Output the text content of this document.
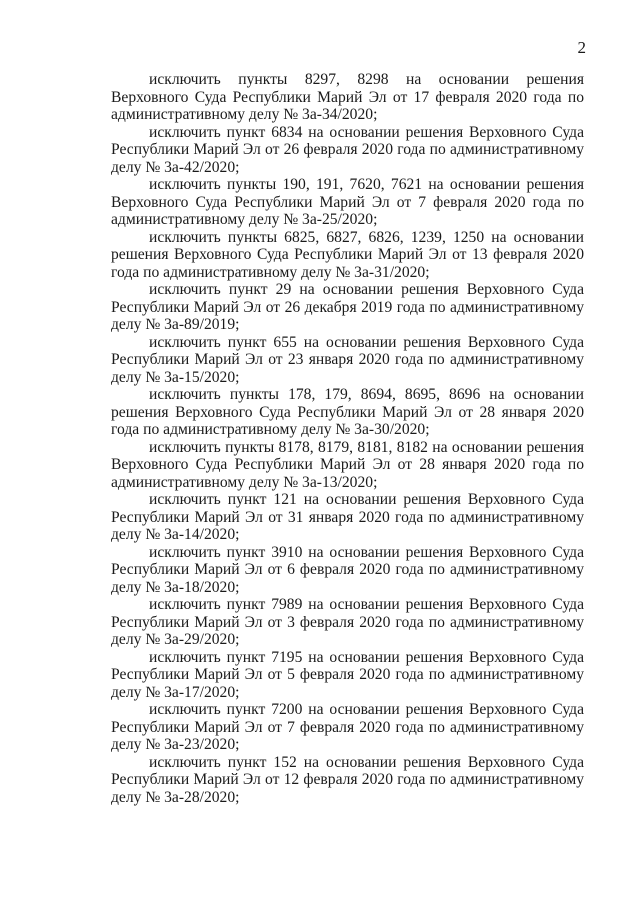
2

исключить пункты 8297, 8298 на основании решения Верховного Суда Республики Марий Эл от 17 февраля 2020 года по административному делу № 3а-34/2020;

исключить пункт 6834 на основании решения Верховного Суда Республики Марий Эл от 26 февраля 2020 года по административному делу № 3а-42/2020;

исключить пункты 190, 191, 7620, 7621 на основании решения Верховного Суда Республики Марий Эл от 7 февраля 2020 года по административному делу № 3а-25/2020;

исключить пункты 6825, 6827, 6826, 1239, 1250 на основании решения Верховного Суда Республики Марий Эл от 13 февраля 2020 года по административному делу № 3а-31/2020;

исключить пункт 29 на основании решения Верховного Суда Республики Марий Эл от 26 декабря 2019 года по административному делу № 3а-89/2019;

исключить пункт 655 на основании решения Верховного Суда Республики Марий Эл от 23 января 2020 года по административному делу № 3а-15/2020;

исключить пункты 178, 179, 8694, 8695, 8696 на основании решения Верховного Суда Республики Марий Эл от 28 января 2020 года по административному делу № 3а-30/2020;

исключить пункты 8178, 8179, 8181, 8182 на основании решения Верховного Суда Республики Марий Эл от 28 января 2020 года по административному делу № 3а-13/2020;

исключить пункт 121 на основании решения Верховного Суда Республики Марий Эл от 31 января 2020 года по административному делу № 3а-14/2020;

исключить пункт 3910 на основании решения Верховного Суда Республики Марий Эл от 6 февраля 2020 года по административному делу № 3а-18/2020;

исключить пункт 7989 на основании решения Верховного Суда Республики Марий Эл от 3 февраля 2020 года по административному делу № 3а-29/2020;

исключить пункт 7195 на основании решения Верховного Суда Республики Марий Эл от 5 февраля 2020 года по административному делу № 3а-17/2020;

исключить пункт 7200 на основании решения Верховного Суда Республики Марий Эл от 7 февраля 2020 года по административному делу № 3а-23/2020;

исключить пункт 152 на основании решения Верховного Суда Республики Марий Эл от 12 февраля 2020 года по административному делу № 3а-28/2020;
